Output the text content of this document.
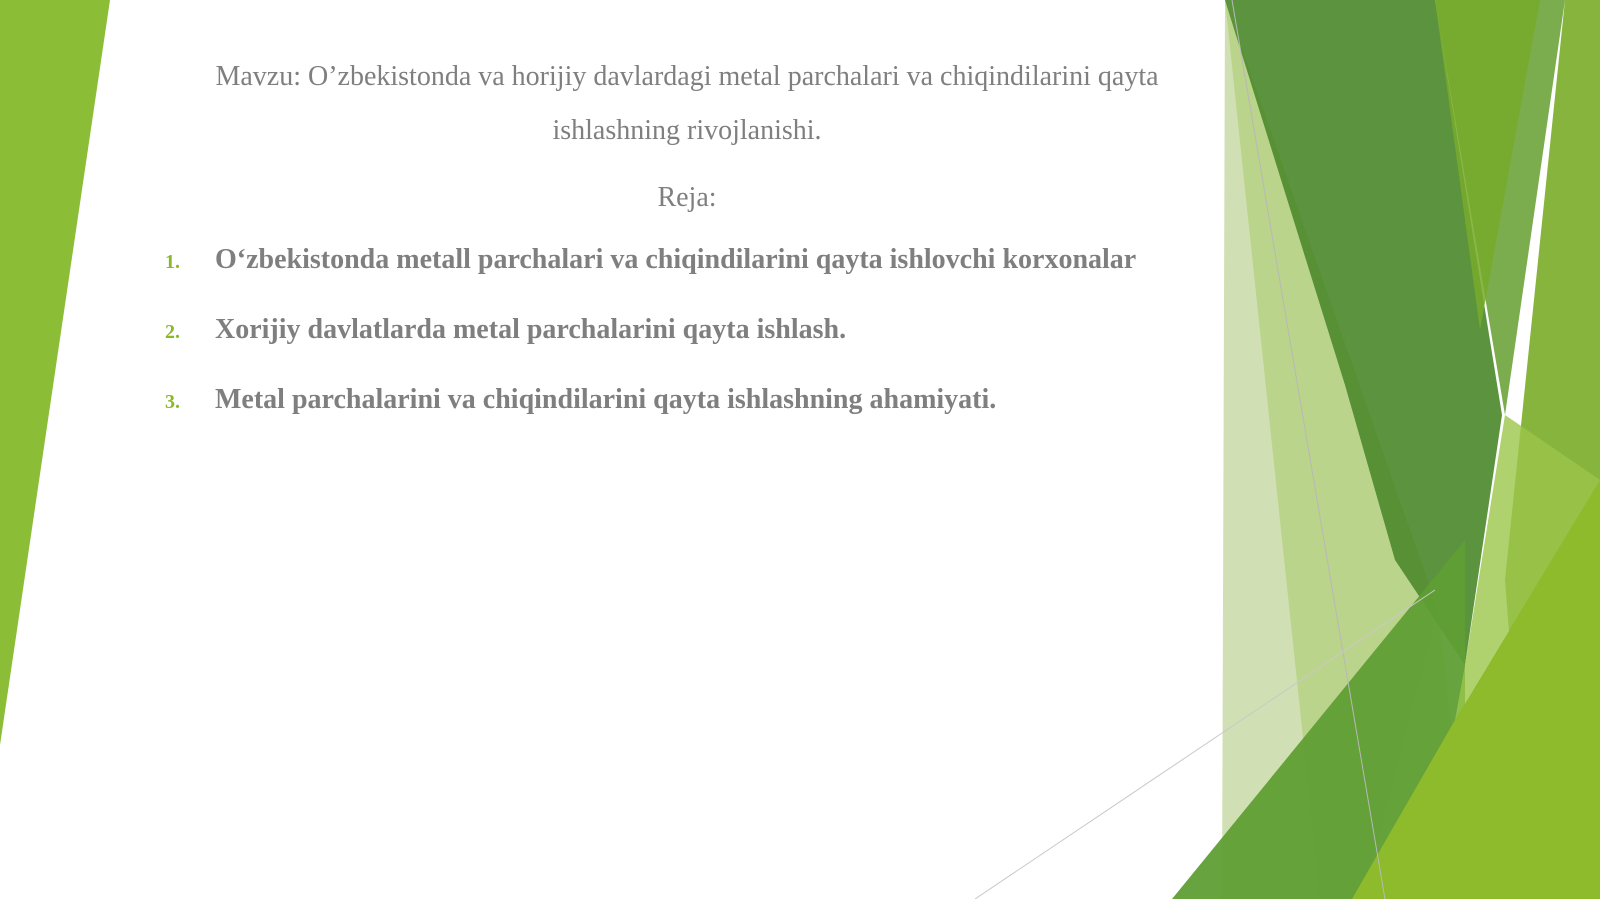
Mavzu: O’zbekistonda va horijiy davlardagi metal parchalari va chiqindilarini qayta ishlashning rivojlanishi.
Reja:
1.	O‘zbekistonda metall parchalari va chiqindilarini qayta ishlovchi korxonalar
2.	Xorijiy davlatlarda metal parchalarini qayta ishlash.
3.	Metal parchalarini va chiqindilarini qayta ishlashning ahamiyati.
